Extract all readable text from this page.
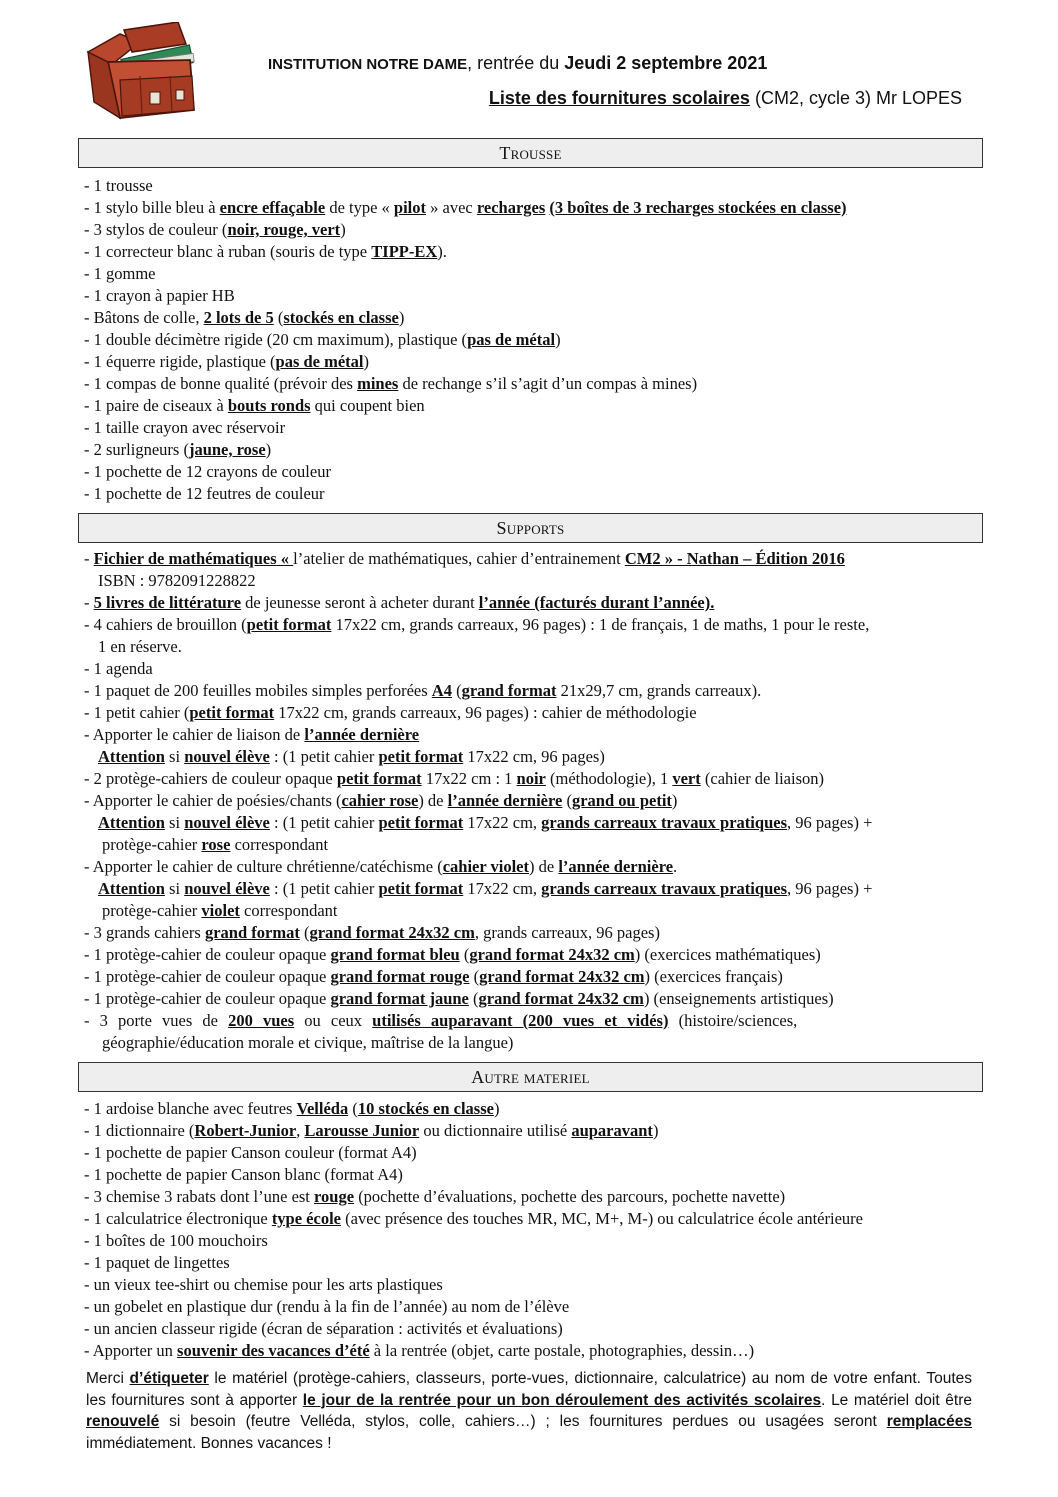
INSTITUTION NOTRE DAME, rentrée du Jeudi 2 septembre 2021
Liste des fournitures scolaires (CM2, cycle 3) Mr LOPES
Trousse
- 1 trousse
- 1 stylo bille bleu à encre effaçable de type « pilot » avec recharges (3 boîtes de 3 recharges stockées en classe)
- 3 stylos de couleur (noir, rouge, vert)
- 1 correcteur blanc à ruban (souris de type TIPP-EX).
- 1 gomme
- 1 crayon à papier HB
- Bâtons de colle, 2 lots de 5 (stockés en classe)
- 1 double décimètre rigide (20 cm maximum), plastique (pas de métal)
- 1 équerre rigide, plastique (pas de métal)
- 1 compas de bonne qualité (prévoir des mines de rechange s’il s’agit d’un compas à mines)
- 1 paire de ciseaux à bouts ronds qui coupent bien
- 1 taille crayon avec réservoir
- 2 surligneurs (jaune, rose)
- 1 pochette de 12 crayons de couleur
- 1 pochette de 12 feutres de couleur
Supports
- Fichier de mathématiques « l’atelier de mathématiques, cahier d’entrainement CM2 » - Nathan – Édition 2016
ISBN : 9782091228822
- 5 livres de littérature de jeunesse seront à acheter durant l’année (facturés durant l’année).
- 4 cahiers de brouillon (petit format 17x22 cm, grands carreaux, 96 pages) : 1 de français, 1 de maths, 1 pour le reste,
1 en réserve.
- 1 agenda
- 1 paquet de 200 feuilles mobiles simples perforées A4 (grand format 21x29,7 cm, grands carreaux).
- 1 petit cahier (petit format 17x22 cm, grands carreaux, 96 pages) : cahier de méthodologie
- Apporter le cahier de liaison de l’année dernière
Attention si nouvel élève : (1 petit cahier petit format 17x22 cm, 96 pages)
- 2 protège-cahiers de couleur opaque petit format 17x22 cm : 1 noir (méthodologie), 1 vert (cahier de liaison)
- Apporter le cahier de poésies/chants (cahier rose) de l’année dernière (grand ou petit)
Attention si nouvel élève : (1 petit cahier petit format 17x22 cm, grands carreaux travaux pratiques, 96 pages) +
protège-cahier rose correspondant
- Apporter le cahier de culture chrétienne/catéchisme (cahier violet) de l’année dernière.
Attention si nouvel élève : (1 petit cahier petit format 17x22 cm, grands carreaux travaux pratiques, 96 pages) +
protège-cahier violet correspondant
- 3 grands cahiers grand format (grand format 24x32 cm, grands carreaux, 96 pages)
- 1 protège-cahier de couleur opaque grand format bleu (grand format 24x32 cm) (exercices mathématiques)
- 1 protège-cahier de couleur opaque grand format rouge (grand format 24x32 cm) (exercices français)
- 1 protège-cahier de couleur opaque grand format jaune (grand format 24x32 cm) (enseignements artistiques)
- 3 porte vues de 200 vues ou ceux utilisés auparavant (200 vues et vidés) (histoire/sciences,
géographie/éducation morale et civique, maîtrise de la langue)
Autre materiel
- 1 ardoise blanche avec feutres Velléda (10 stockés en classe)
- 1 dictionnaire (Robert-Junior, Larousse Junior ou dictionnaire utilisé auparavant)
- 1 pochette de papier Canson couleur (format A4)
- 1 pochette de papier Canson blanc (format A4)
- 3 chemise 3 rabats dont l’une est rouge (pochette d’évaluations, pochette des parcours, pochette navette)
- 1 calculatrice électronique type école (avec présence des touches MR, MC, M+, M-) ou calculatrice école antérieure
- 1 boîtes de 100 mouchoirs
- 1 paquet de lingettes
- un vieux tee-shirt ou chemise pour les arts plastiques
- un gobelet en plastique dur (rendu à la fin de l’année) au nom de l’élève
- un ancien classeur rigide (écran de séparation : activités et évaluations)
- Apporter un souvenir des vacances d’été à la rentrée (objet, carte postale, photographies, dessin…)
Merci d’étiqueter le matériel (protège-cahiers, classeurs, porte-vues, dictionnaire, calculatrice) au nom de votre enfant. Toutes les fournitures sont à apporter le jour de la rentrée pour un bon déroulement des activités scolaires. Le matériel doit être renouvelé si besoin (feutre Velléda, stylos, colle, cahiers…) ; les fournitures perdues ou usagées seront remplacées immédiatement. Bonnes vacances !
